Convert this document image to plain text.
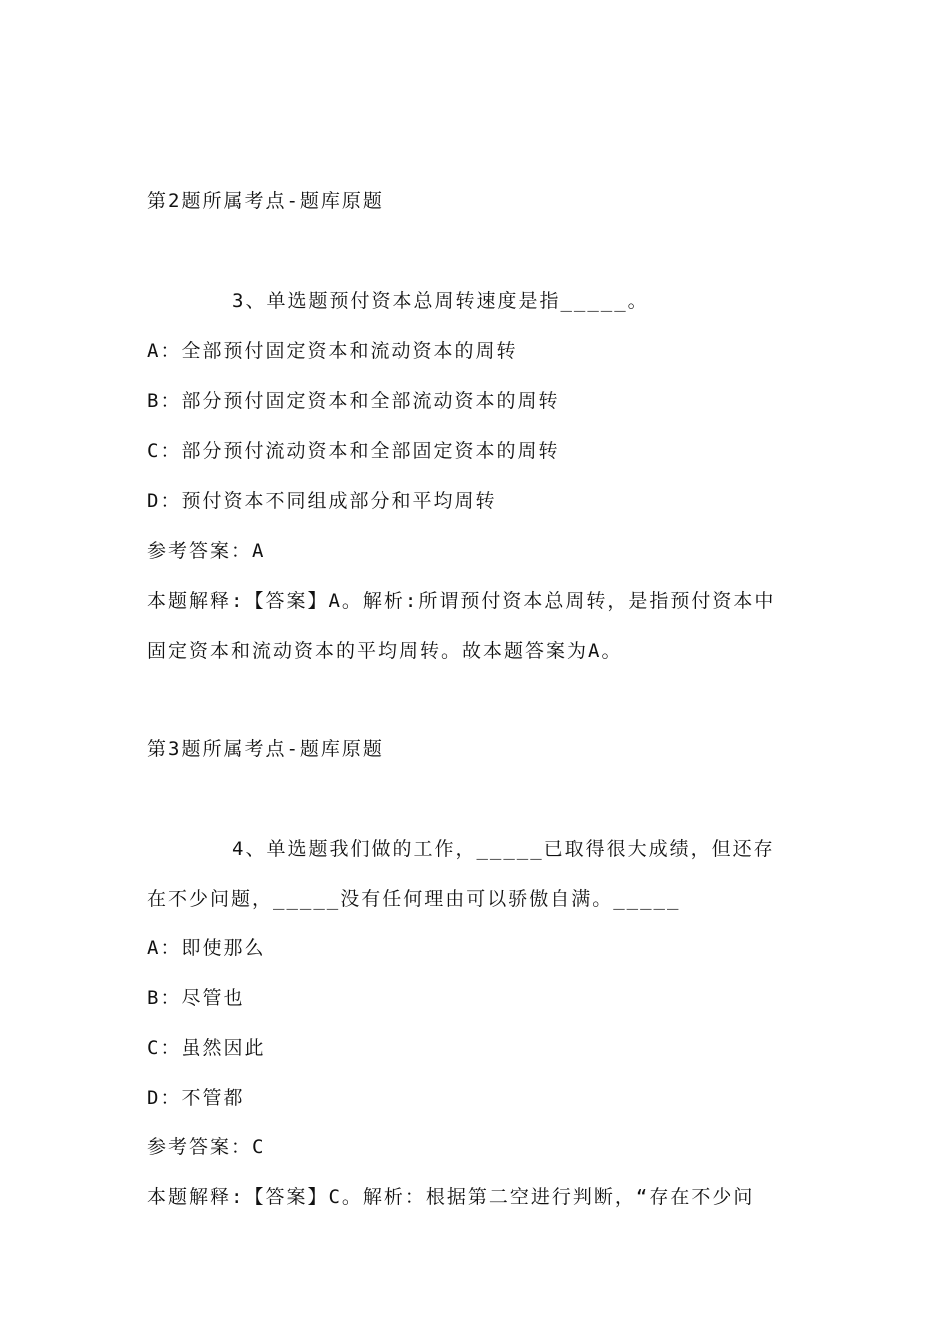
第2题所属考点-题库原题
3、单选题预付资本总周转速度是指_____。
A：全部预付固定资本和流动资本的周转
B：部分预付固定资本和全部流动资本的周转
C：部分预付流动资本和全部固定资本的周转
D：预付资本不同组成部分和平均周转
参考答案：A
本题解释:【答案】A。解析:所谓预付资本总周转，是指预付资本中
固定资本和流动资本的平均周转。故本题答案为A。
第3题所属考点-题库原题
4、单选题我们做的工作，_____已取得很大成绩，但还存
在不少问题，_____没有任何理由可以骄傲自满。_____
A：即使那么
B：尽管也
C：虽然因此
D：不管都
参考答案：C
本题解释:【答案】C。解析：根据第二空进行判断，“存在不少问
